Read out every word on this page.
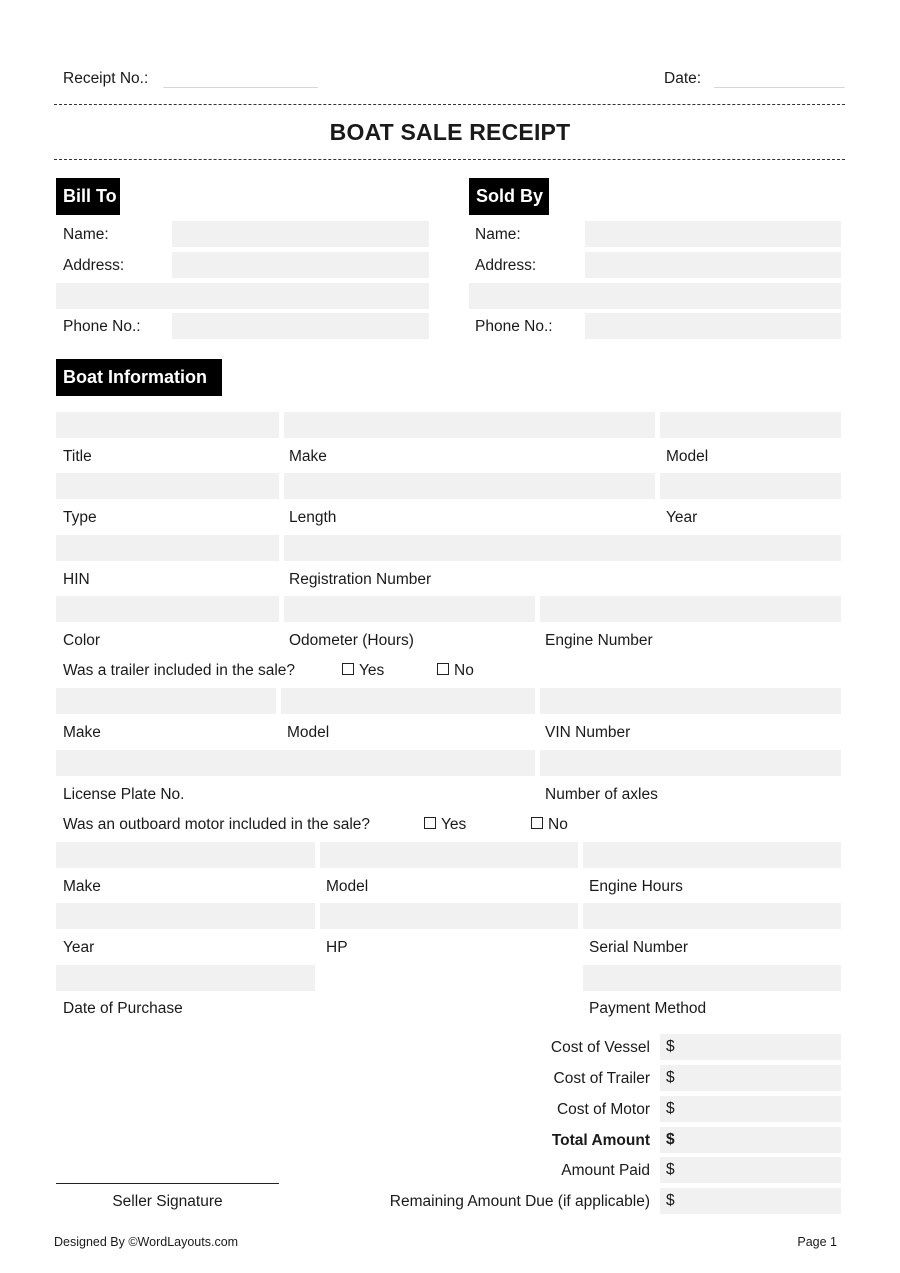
Receipt No.:	Date:
BOAT SALE RECEIPT
Bill To
Name:
Address:
Phone No.:
Sold By
Name:
Address:
Phone No.:
Boat Information
Title	Make	Model
Type	Length	Year
HIN	Registration Number
Color	Odometer (Hours)	Engine Number
Was a trailer included in the sale?	Yes	No
Make	Model	VIN Number
License Plate No.	Number of axles
Was an outboard motor included in the sale?	Yes	No
Make	Model	Engine Hours
Year	HP	Serial Number
Date of Purchase	Payment Method
Cost of Vessel	$
Cost of Trailer	$
Cost of Motor	$
Total Amount	$
Amount Paid	$
Remaining Amount Due (if applicable)	$
Seller Signature
Designed By ©WordLayouts.com	Page 1
